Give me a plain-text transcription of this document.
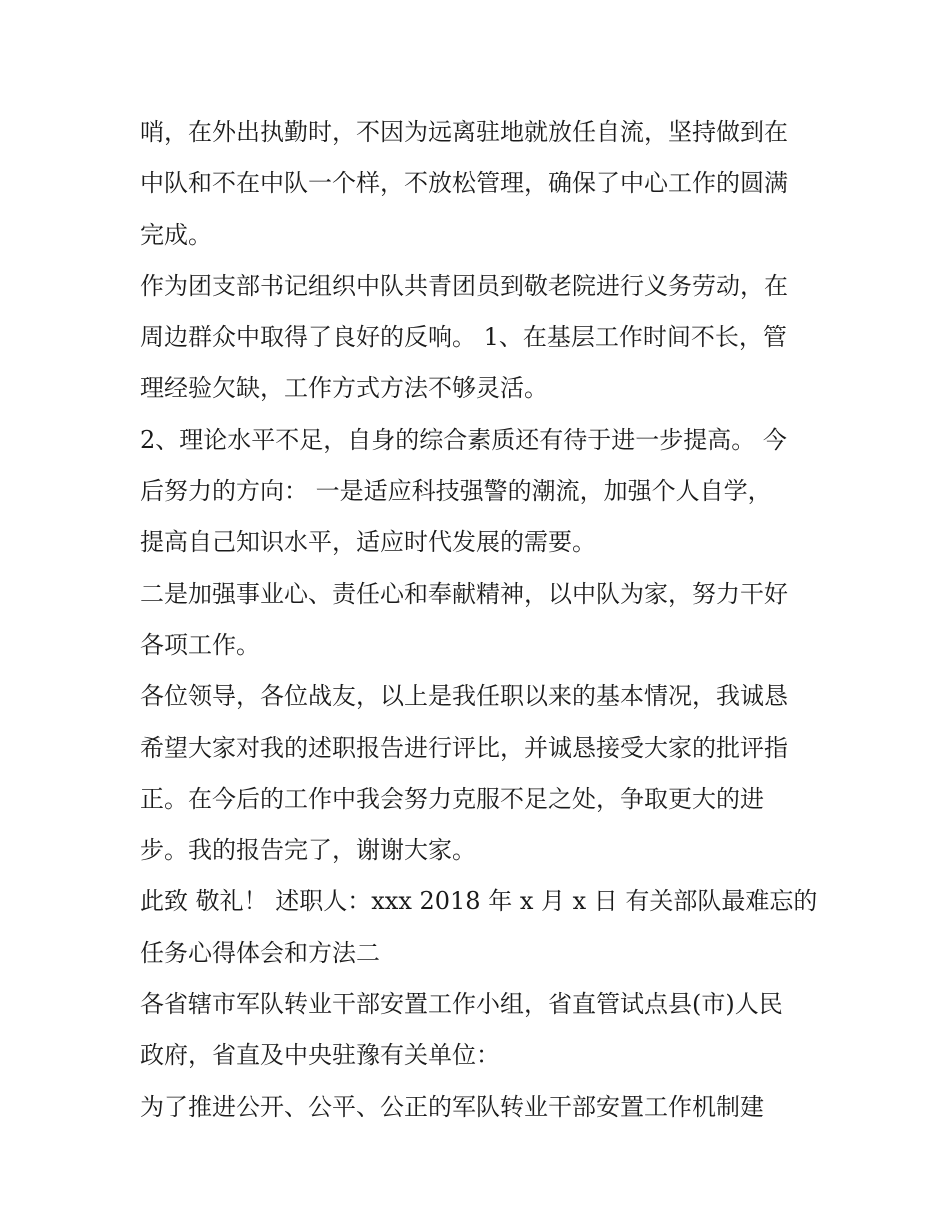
哨，在外出执勤时，不因为远离驻地就放任自流，坚持做到在
中队和不在中队一个样，不放松管理，确保了中心工作的圆满
完成。
作为团支部书记组织中队共青团员到敬老院进行义务劳动，在
周边群众中取得了良好的反响。 1、在基层工作时间不长，管
理经验欠缺，工作方式方法不够灵活。
2、理论水平不足，自身的综合素质还有待于进一步提高。 今
后努力的方向： 一是适应科技强警的潮流，加强个人自学，
提高自己知识水平，适应时代发展的需要。
二是加强事业心、责任心和奉献精神，以中队为家，努力干好
各项工作。
各位领导，各位战友，以上是我任职以来的基本情况，我诚恳
希望大家对我的述职报告进行评比，并诚恳接受大家的批评指
正。在今后的工作中我会努力克服不足之处，争取更大的进
步。我的报告完了，谢谢大家。
此致 敬礼！ 述职人：xxx 2018 年 x 月 x 日 有关部队最难忘的
任务心得体会和方法二
各省辖市军队转业干部安置工作小组，省直管试点县(市)人民
政府，省直及中央驻豫有关单位：
为了推进公开、公平、公正的军队转业干部安置工作机制建
